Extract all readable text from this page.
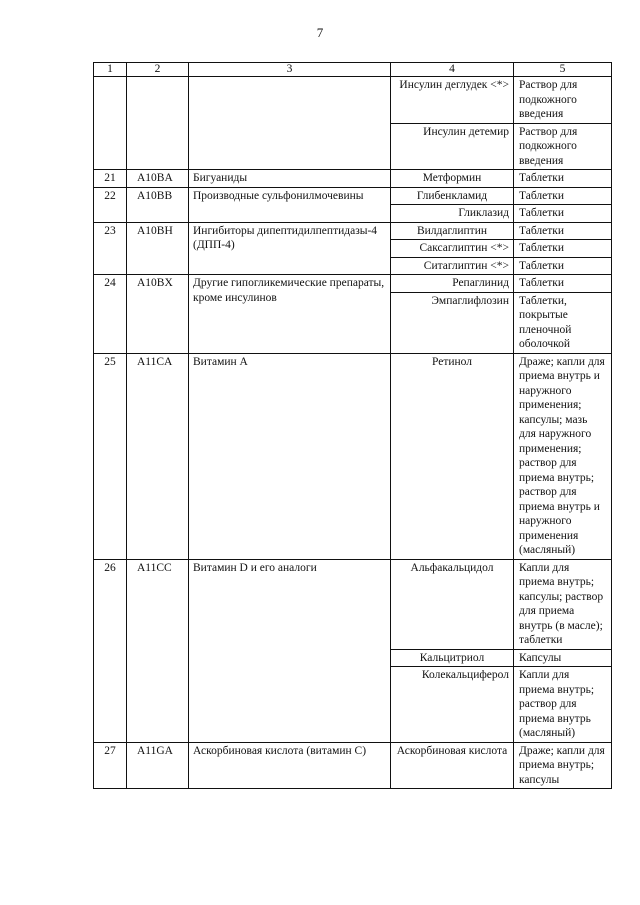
7
1	2	3	4	5
			Инсулин деглудек <*>	Раствор для подкожного введения
			Инсулин детемир	Раствор для подкожного введения
21	A10BA	Бигуаниды	Метформин	Таблетки
22	A10BB	Производные сульфонилмочевины	Глибенкламид	Таблетки
			Гликлазид	Таблетки
23	A10BH	Ингибиторы дипептидилпептидазы-4 (ДПП-4)	Вилдаглиптин	Таблетки
			Саксаглиптин <*>	Таблетки
			Ситаглиптин <*>	Таблетки
24	A10BX	Другие гипогликемические препараты, кроме инсулинов	Репаглинид	Таблетки
			Эмпаглифлозин	Таблетки, покрытые пленочной оболочкой
25	A11CA	Витамин А	Ретинол	Драже; капли для приема внутрь и наружного применения; капсулы; мазь для наружного применения; раствор для приема внутрь; раствор для приема внутрь и наружного применения (масляный)
26	A11CC	Витамин D и его аналоги	Альфакальцидол	Капли для приема внутрь; капсулы; раствор для приема внутрь (в масле); таблетки
			Кальцитриол	Капсулы
			Колекальциферол	Капли для приема внутрь; раствор для приема внутрь (масляный)
27	A11GA	Аскорбиновая кислота (витамин С)	Аскорбиновая кислота	Драже; капли для приема внутрь; капсулы
